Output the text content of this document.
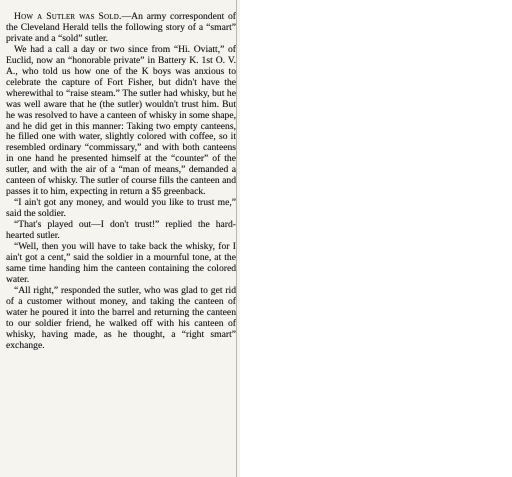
How a Sutler was Sold.—An army correspondent of the Cleveland Herald tells the following story of a “smart” private and a “sold” sutler.

We had a call a day or two since from “Hi. Oviatt,” of Euclid, now an “honorable private” in Battery K. 1st O. V. A., who told us how one of the K boys was anxious to celebrate the capture of Fort Fisher, but didn't have the wherewithal to “raise steam.” The sutler had whisky, but he was well aware that he (the sutler) wouldn't trust him. But he was resolved to have a canteen of whisky in some shape, and he did get in this manner: Taking two empty canteens, he filled one with water, slightly colored with coffee, so it resembled ordinary “commissary,” and with both canteens in one hand he presented himself at the “counter” of the sutler, and with the air of a “man of means,” demanded a canteen of whisky. The sutler of course fills the canteen and passes it to him, expecting in return a $5 greenback.

“I ain't got any money, and would you like to trust me,” said the soldier.

“That's played out—I don't trust!” replied the hard-hearted sutler.

“Well, then you will have to take back the whisky, for I ain't got a cent,” said the soldier in a mournful tone, at the same time handing him the canteen containing the colored water.

“All right,” responded the sutler, who was glad to get rid of a customer without money, and taking the canteen of water he poured it into the barrel and returning the canteen to our soldier friend, he walked off with his canteen of whisky, having made, as he thought, a “right smart” exchange.
